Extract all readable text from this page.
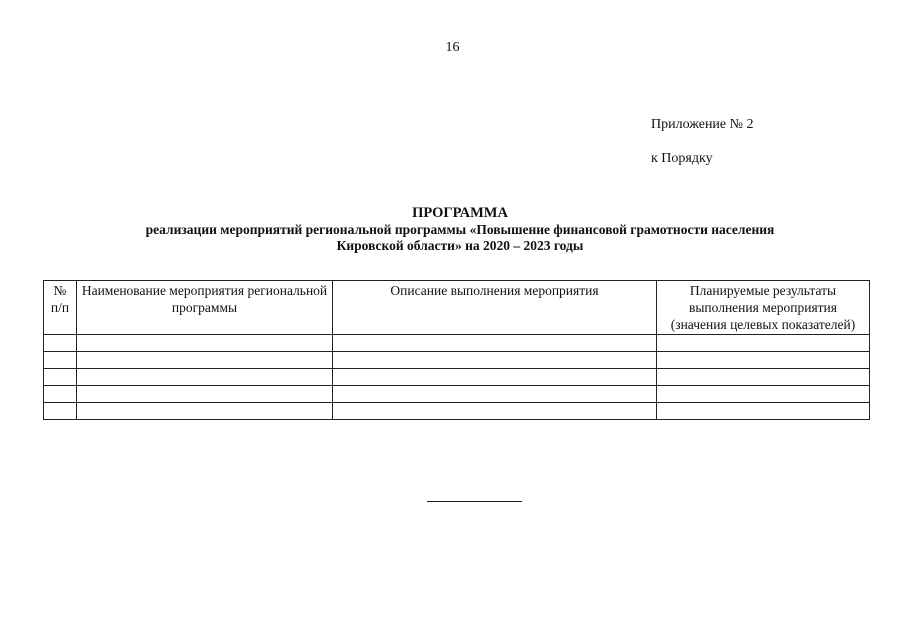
16
Приложение № 2
к Порядку
ПРОГРАММА
реализации мероприятий региональной программы «Повышение финансовой грамотности населения
Кировской области» на 2020 – 2023 годы
№ п/п	Наименование мероприятия региональной программы	Описание выполнения мероприятия	Планируемые результаты выполнения мероприятия (значения целевых показателей)
